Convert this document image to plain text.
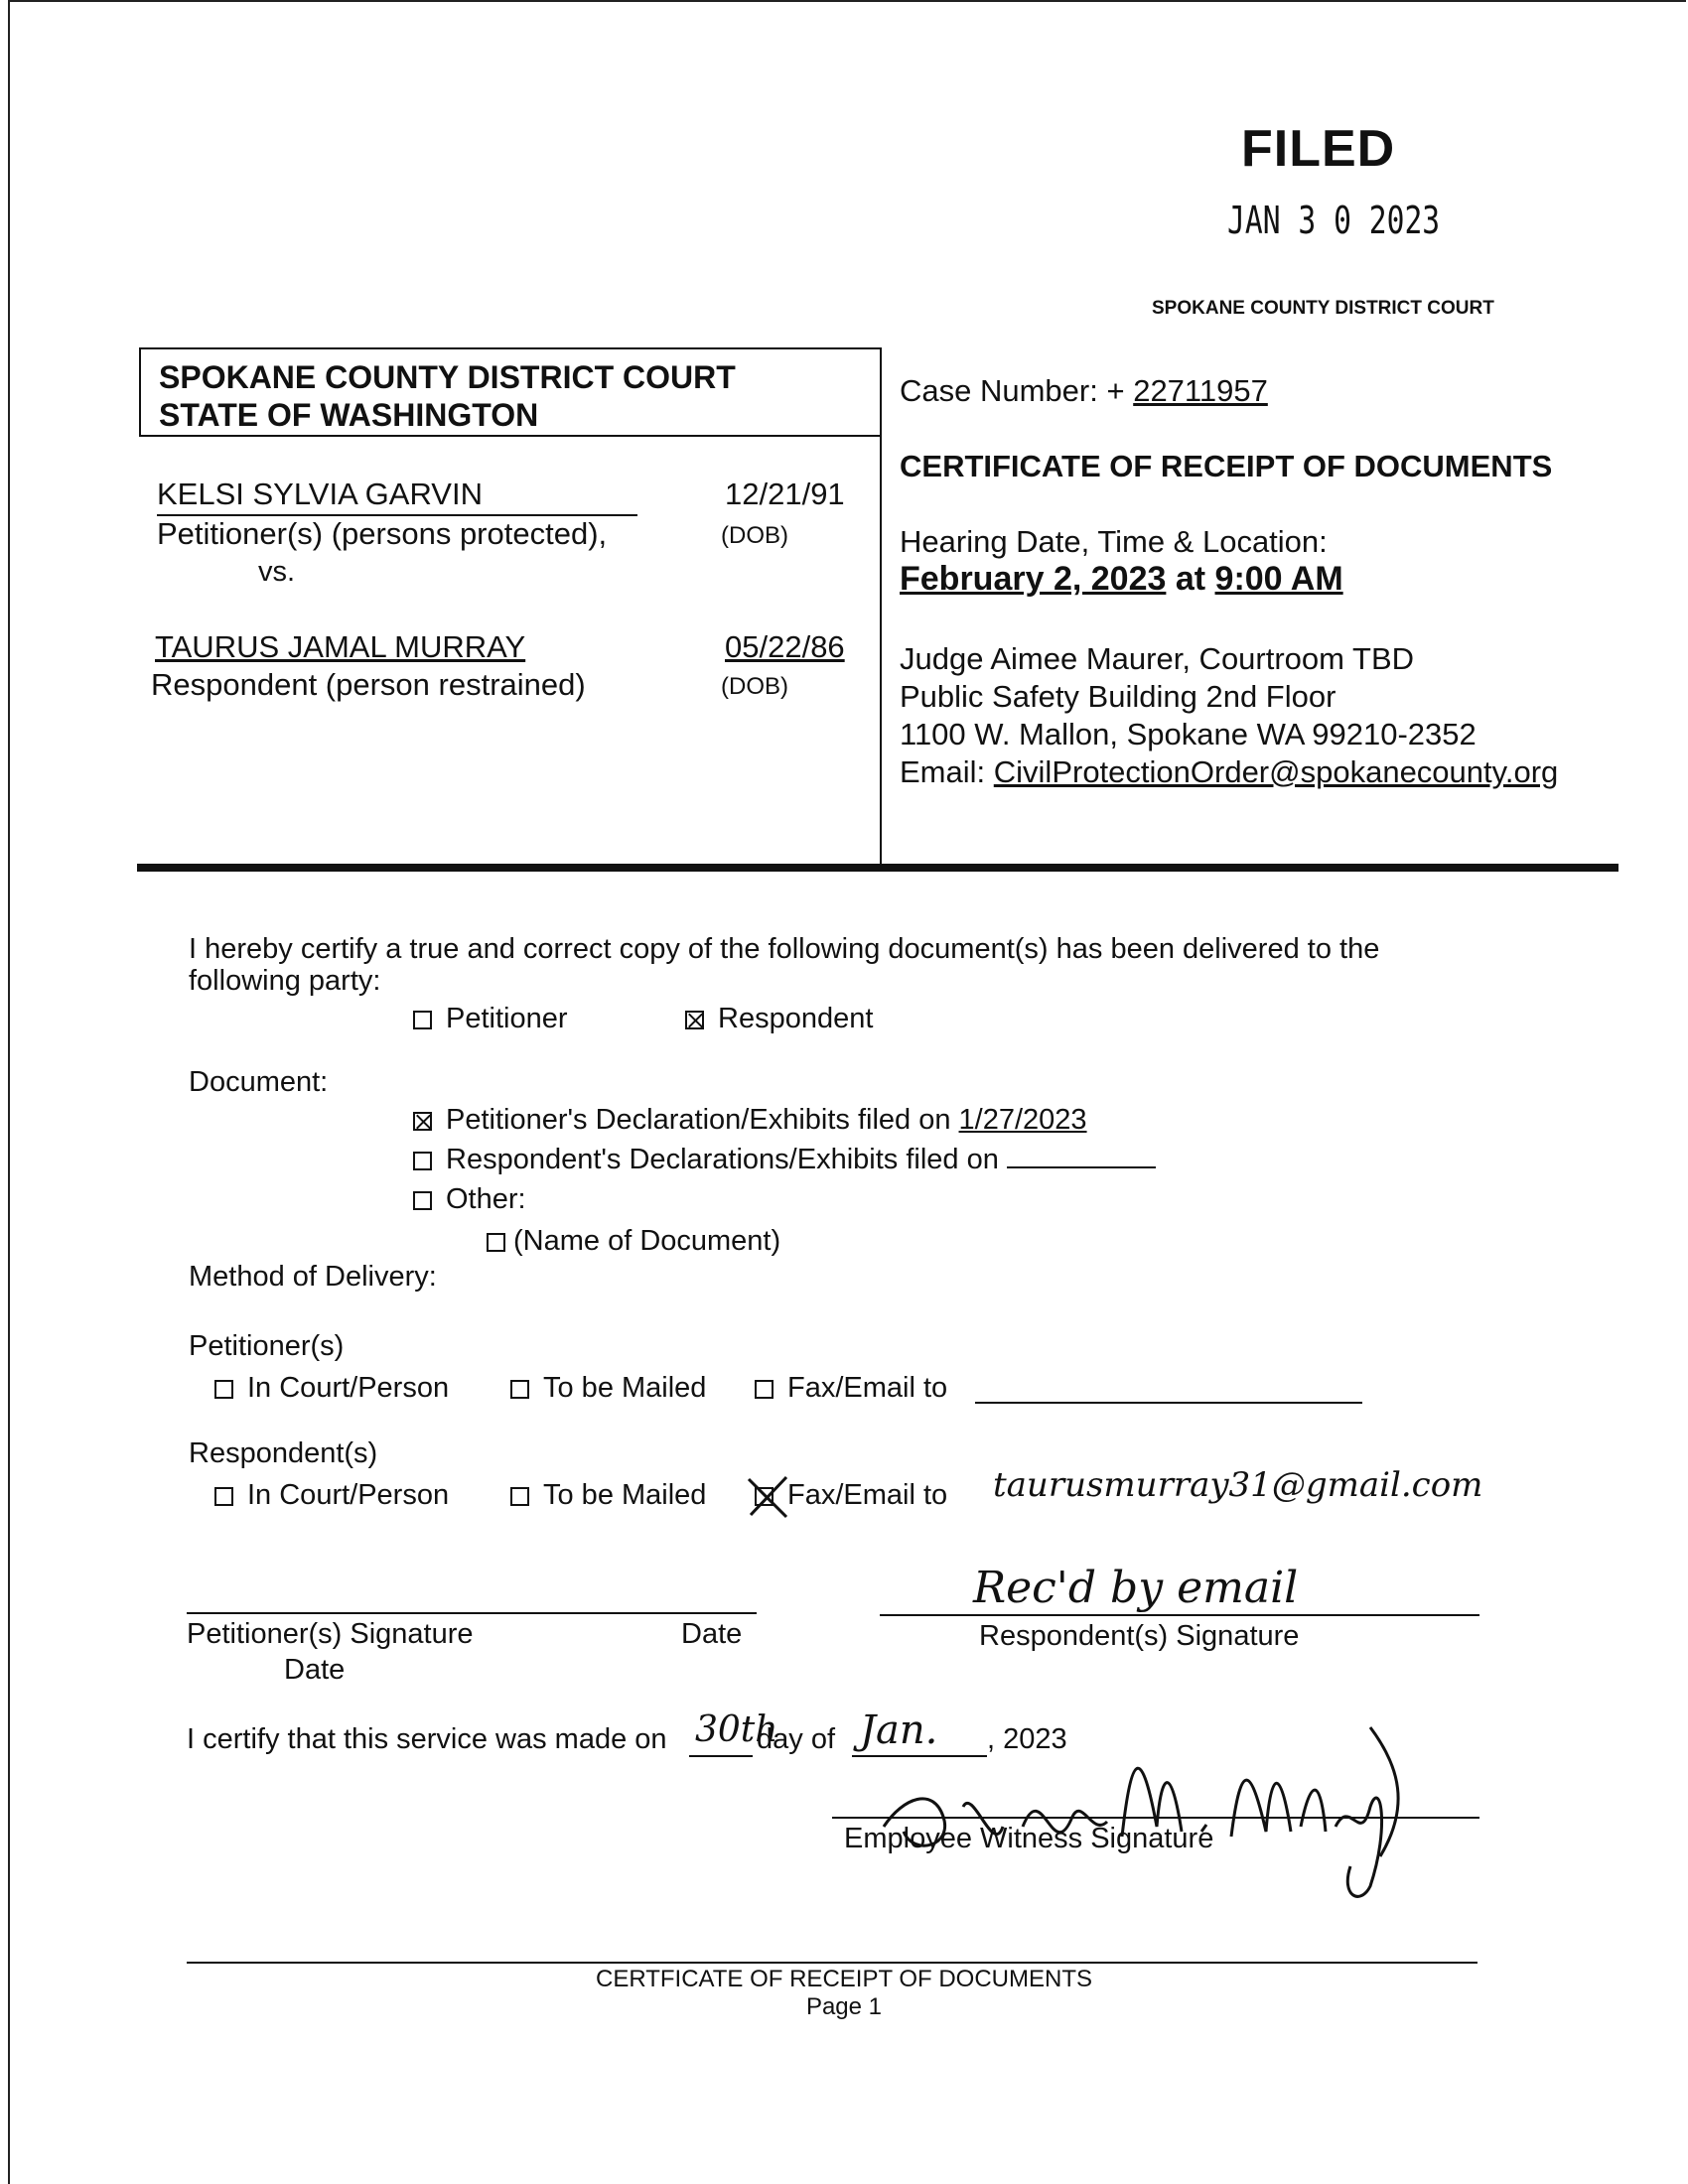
FILED
JAN 3 0 2023
SPOKANE COUNTY DISTRICT COURT
SPOKANE COUNTY DISTRICT COURT
STATE OF WASHINGTON
KELSI SYLVIA GARVIN	12/21/91
Petitioner(s) (persons protected),	(DOB)
vs.
TAURUS JAMAL MURRAY	05/22/86
Respondent (person restrained)	(DOB)
Case Number: + 22711957
CERTIFICATE OF RECEIPT OF DOCUMENTS
Hearing Date, Time & Location:
February 2, 2023 at 9:00 AM
Judge Aimee Maurer, Courtroom TBD
Public Safety Building 2nd Floor
1100 W. Mallon, Spokane WA 99210-2352
Email: CivilProtectionOrder@spokanecounty.org
I hereby certify a true and correct copy of the following document(s) has been delivered to the
following party:
Petitioner	Respondent
Document:
Petitioner's Declaration/Exhibits filed on 1/27/2023
Respondent's Declarations/Exhibits filed on
Other:
(Name of Document)
Method of Delivery:
Petitioner(s)
In Court/Person	To be Mailed	Fax/Email to
Respondent(s)
In Court/Person	To be Mailed	Fax/Email to taurusmurray31@gmail.com
Petitioner(s) Signature	Date
Date
Rec'd by email
Respondent(s) Signature
I certify that this service was made on 30th
day of Jan. , 2023
Employee Witness Signature
CERTFICATE OF RECEIPT OF DOCUMENTS
Page 1
